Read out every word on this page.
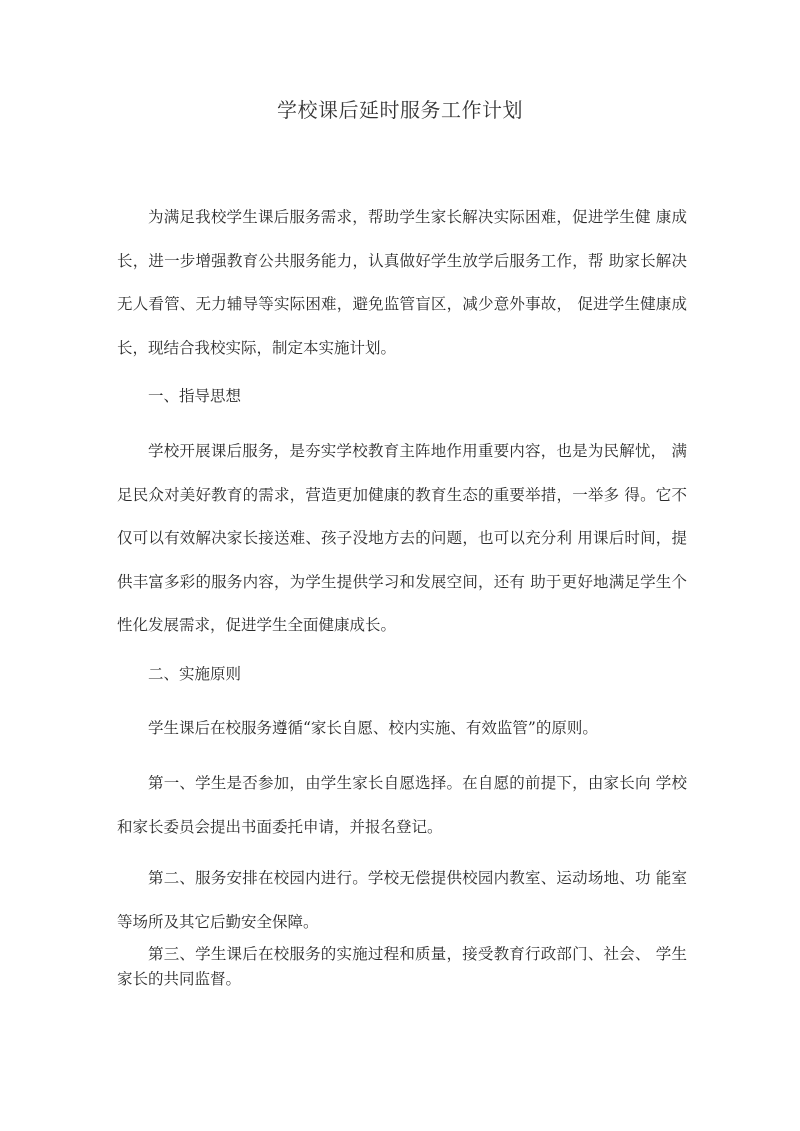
学校课后延时服务工作计划

为满足我校学生课后服务需求，帮助学生家长解决实际困难，促进学生健 康成长，进一步增强教育公共服务能力，认真做好学生放学后服务工作，帮 助家长解决无人看管、无力辅导等实际困难，避免监管盲区，减少意外事故， 促进学生健康成长，现结合我校实际，制定本实施计划。

一、指导思想

学校开展课后服务，是夯实学校教育主阵地作用重要内容，也是为民解忧， 满足民众对美好教育的需求，营造更加健康的教育生态的重要举措，一举多 得。它不仅可以有效解决家长接送难、孩子没地方去的问题，也可以充分利 用课后时间，提供丰富多彩的服务内容，为学生提供学习和发展空间，还有 助于更好地满足学生个性化发展需求，促进学生全面健康成长。

二、实施原则

学生课后在校服务遵循“家长自愿、校内实施、有效监管”的原则。

第一、学生是否参加，由学生家长自愿选择。在自愿的前提下，由家长向 学校和家长委员会提出书面委托申请，并报名登记。

第二、服务安排在校园内进行。学校无偿提供校园内教室、运动场地、功 能室等场所及其它后勤安全保障。

第三、学生课后在校服务的实施过程和质量，接受教育行政部门、社会、 学生家长的共同监督。
